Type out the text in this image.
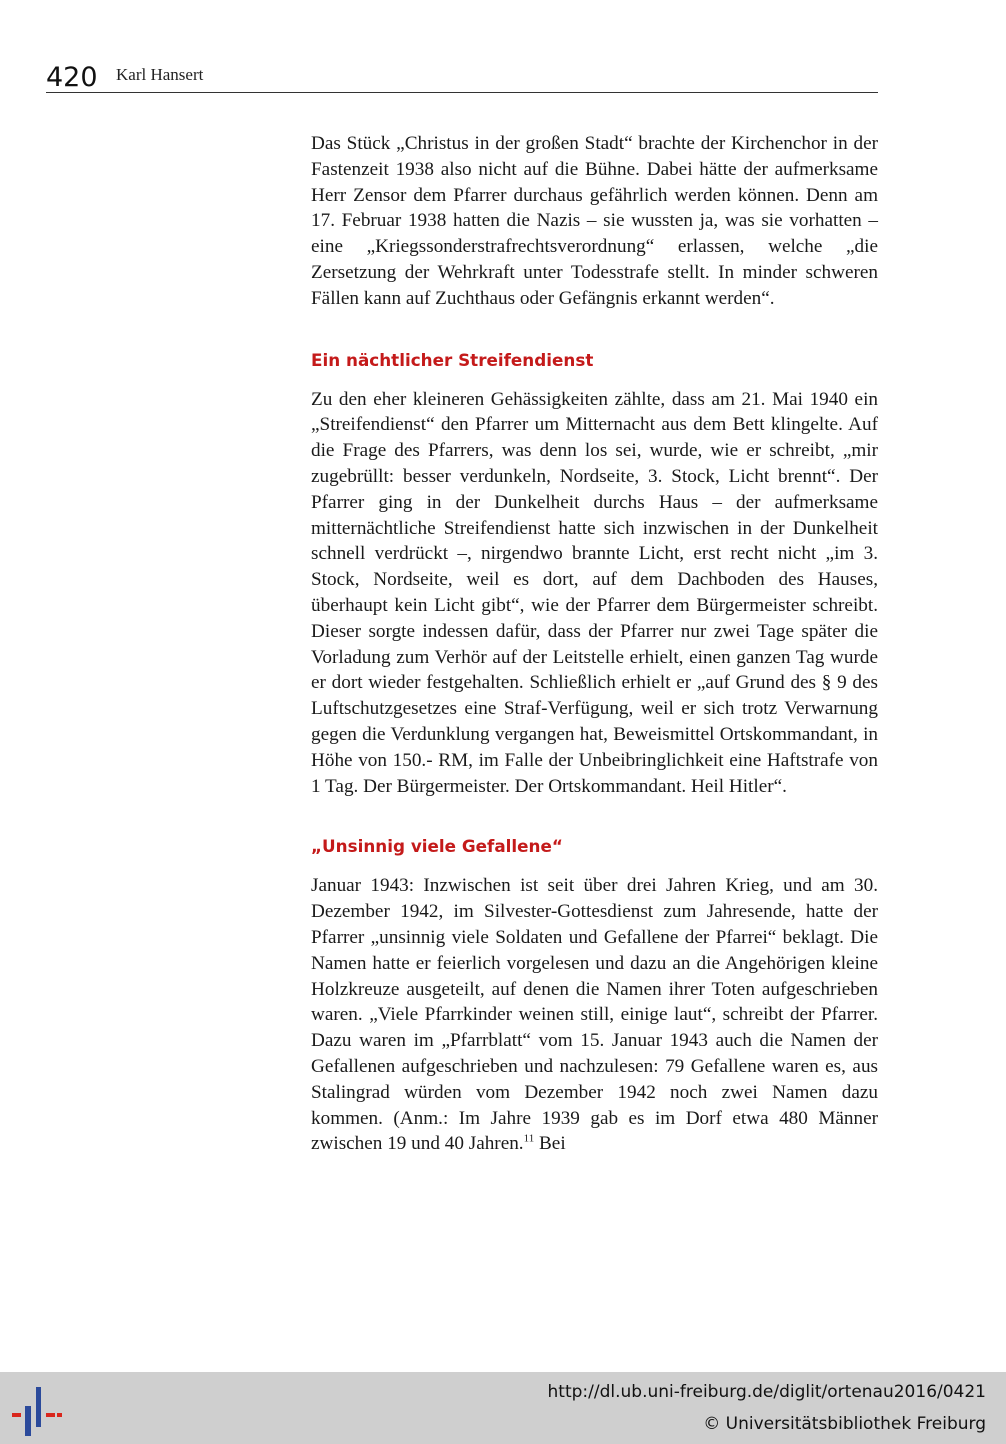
420 Karl Hansert

Das Stück „Christus in der großen Stadt“ brachte der Kirchenchor in der Fastenzeit 1938 also nicht auf die Bühne. Dabei hätte der aufmerksame Herr Zensor dem Pfarrer durchaus gefährlich werden können. Denn am 17. Februar 1938 hatten die Nazis – sie wussten ja, was sie vorhatten – eine „Kriegssonderstrafrechtsverordnung“ erlassen, welche „die Zersetzung der Wehrkraft unter Todesstrafe stellt. In minder schweren Fällen kann auf Zuchthaus oder Gefängnis erkannt werden“.

Ein nächtlicher Streifendienst

Zu den eher kleineren Gehässigkeiten zählte, dass am 21. Mai 1940 ein „Streifendienst“ den Pfarrer um Mitternacht aus dem Bett klingelte. Auf die Frage des Pfarrers, was denn los sei, wurde, wie er schreibt, „mir zugebrüllt: besser verdunkeln, Nordseite, 3. Stock, Licht brennt“. Der Pfarrer ging in der Dunkelheit durchs Haus – der aufmerksame mitternächtliche Streifendienst hatte sich inzwischen in der Dunkelheit schnell verdrückt –, nirgendwo brannte Licht, erst recht nicht „im 3. Stock, Nordseite, weil es dort, auf dem Dachboden des Hauses, überhaupt kein Licht gibt“, wie der Pfarrer dem Bürgermeister schreibt. Dieser sorgte indessen dafür, dass der Pfarrer nur zwei Tage später die Vorladung zum Verhör auf der Leitstelle erhielt, einen ganzen Tag wurde er dort wieder festgehalten. Schließlich erhielt er „auf Grund des § 9 des Luftschutzgesetzes eine Straf-Verfügung, weil er sich trotz Verwarnung gegen die Verdunklung vergangen hat, Beweismittel Ortskommandant, in Höhe von 150.- RM, im Falle der Unbeibringlichkeit eine Haftstrafe von 1 Tag. Der Bürgermeister. Der Ortskommandant. Heil Hitler“.

„Unsinnig viele Gefallene“

Januar 1943: Inzwischen ist seit über drei Jahren Krieg, und am 30. Dezember 1942, im Silvester-Gottesdienst zum Jahresende, hatte der Pfarrer „unsinnig viele Soldaten und Gefallene der Pfarrei“ beklagt. Die Namen hatte er feierlich vorgelesen und dazu an die Angehörigen kleine Holzkreuze ausgeteilt, auf denen die Namen ihrer Toten aufgeschrieben waren. „Viele Pfarrkinder weinen still, einige laut“, schreibt der Pfarrer. Dazu waren im „Pfarrblatt“ vom 15. Januar 1943 auch die Namen der Gefallenen aufgeschrieben und nachzulesen: 79 Gefallene waren es, aus Stalingrad würden vom Dezember 1942 noch zwei Namen dazu kommen. (Anm.: Im Jahre 1939 gab es im Dorf etwa 480 Männer zwischen 19 und 40 Jahren.$^{11}$ Bei

http://dl.ub.uni-freiburg.de/diglit/ortenau2016/0421
© Universitätsbibliothek Freiburg
